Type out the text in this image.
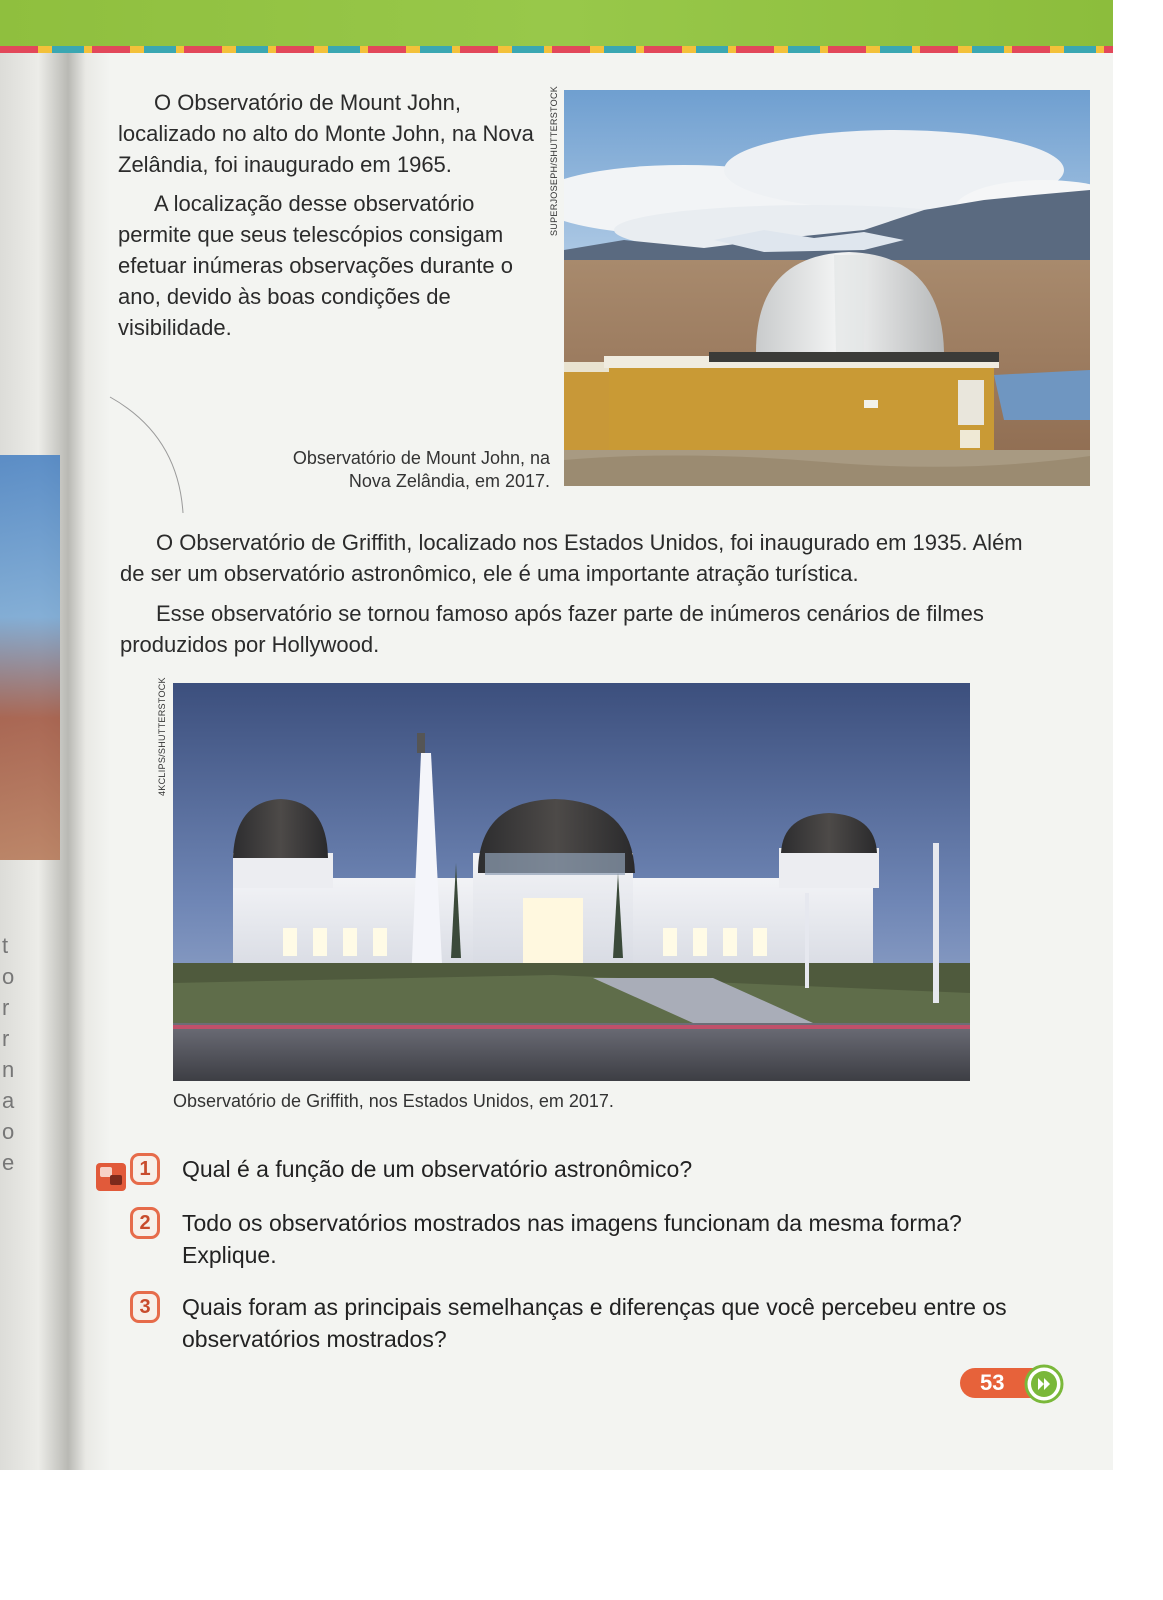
t
o
r
r
n
a
o
e

O Observatório de Mount John, localizado no alto do Monte John, na Nova Zelândia, foi inaugurado em 1965.

A localização desse observatório permite que seus telescópios consigam efetuar inúmeras observações durante o ano, devido às boas condições de visibilidade.

SUPERJOSEPH/SHUTTERSTOCK

Observatório de Mount John, na
Nova Zelândia, em 2017.

O Observatório de Griffith, localizado nos Estados Unidos, foi inaugurado em 1935. Além de ser um observatório astronômico, ele é uma importante atração turística.

Esse observatório se tornou famoso após fazer parte de inúmeros cenários de filmes produzidos por Hollywood.

4KCLIPS/SHUTTERSTOCK

Observatório de Griffith, nos Estados Unidos, em 2017.

1	Qual é a função de um observatório astronômico?

2	Todo os observatórios mostrados nas imagens funcionam da mesma forma? Explique.

3	Quais foram as principais semelhanças e diferenças que você percebeu entre os observatórios mostrados?

53
